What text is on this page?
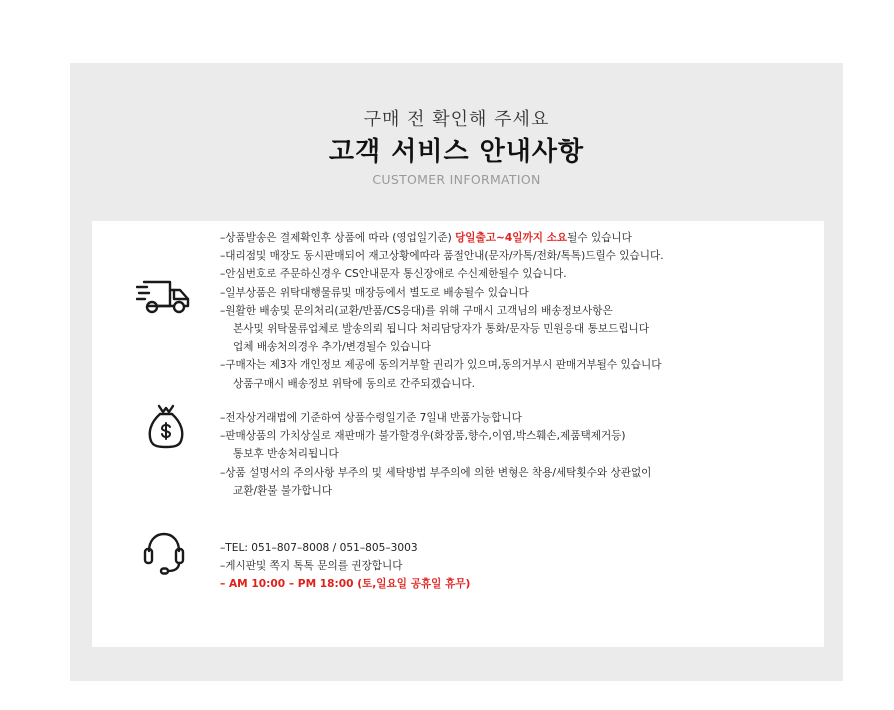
구매 전 확인해 주세요
고객 서비스 안내사항
CUSTOMER INFORMATION
–상품발송은 결제확인후 상품에 따라 (영업일기준) 당일출고~4일까지 소요될수 있습니다
–대리점및 매장도 동시판매되어 재고상황에따라 품절안내(문자/카톡/전화/톡톡)드릴수 있습니다.
–안심번호로 주문하신경우 CS안내문자 통신장애로 수신제한될수 있습니다.
–일부상품은 위탁대행물류및 매장등에서 별도로 배송될수 있습니다
–원활한 배송및 문의처리(교환/반품/CS응대)를 위해 구매시 고객님의 배송정보사항은
본사및 위탁물류업체로 발송의뢰 됩니다 처리담당자가 통화/문자등 민원응대 통보드립니다
업체 배송처의경우 추가/변경될수 있습니다
–구매자는 제3자 개인정보 제공에 동의거부할 권리가 있으며,동의거부시 판매거부될수 있습니다
상품구매시 배송정보 위탁에 동의로 간주되겠습니다.
–전자상거래법에 기준하여 상품수령일기준 7일내 반품가능합니다
–판매상품의 가치상실로 재판매가 불가할경우(화장품,향수,이염,박스훼손,제품택제거등)
통보후 반송처리됩니다
–상품 설명서의 주의사항 부주의 및 세탁방법 부주의에 의한 변형은 착용/세탁횟수와 상관없이
교환/환불 불가합니다
–TEL: 051–807–8008 / 051–805–3003
–게시판및 쪽지 톡톡 문의를 권장합니다
– AM 10:00 – PM 18:00 (토,일요일 공휴일 휴무)
